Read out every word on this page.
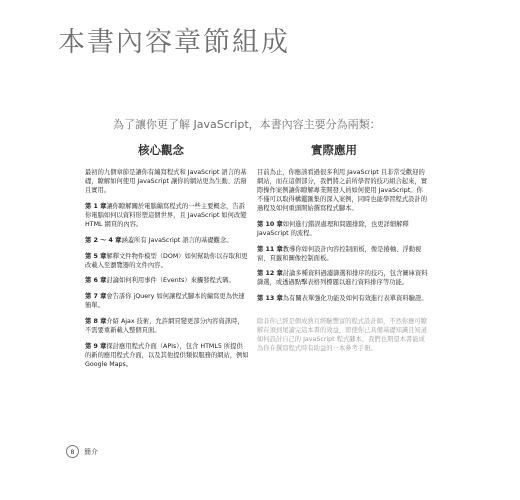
本書內容章節組成

為了讓你更了解 JavaScript，本書內容主要分為兩類：

核心觀念	實際應用

最初的九個章節是讓你有編寫程式和 JavaScript 語言的基礎，瞭解如何使用 JavaScript 讓你的網站更為生動、活潑且實用。

第 1 章讓你瞭解關於電腦編寫程式的一些主要概念，告訴你電腦如何以資料形塑這個世界，且 JavaScript 如何改變 HTML 網頁的內容。

第 2 ～ 4 章涵蓋所有 JavaScript 語言的基礎觀念。

第 5 章解釋文件物件模型（DOM）如何幫助你以存取和更改載入至瀏覽器的文件內容。

第 6 章討論如何利用事件（Events）來觸發程式碼。

第 7 章會告訴你 jQuery 如何讓程式腳本的編寫更為快速簡單。

第 8 章介紹 Ajax 技術，允許網頁變更部分內容資訊時，不需要重新載入整個頁面。

第 9 章探討應用程式介面（APIs），包含 HTML5 所提供的新的應用程式介面，以及其他提供類似服務的網站，例如 Google Maps。

目前為止，你應該看過很多利用 JavaScript 且非常受歡迎的網站，而在這個部分，我們將之前所學習的技巧組合起來，實際操作案例讓你瞭解專業開發人員如何使用 JavaScript。你不僅可以取得構鑑匯集的深入案例，同時也能學習程式設計的過程及如何重頭開始撰寫程式腳本。

第 10 章如何進行錯誤處理和問題排除，也更詳細解釋 JavaScript 的流程。

第 11 章教導你如何設計內容控制面板，像是捲軸、浮動視窗、頁籤和圖像控制面板。

第 12 章討論多種資料過濾篩選和排序的技巧，包含圖庫資料篩選，或透過點擊表格列標題以進行資料排序等功能。

第 13 章為有關表單強化功能及如何有效進行表單資料驗證。

除非你已經是個成熟且經驗豐富的程式設計師，不然你應可瞭解在須到尾讀完這本書的效益，即使你已具備基礎知識且知道如何設計自己的 JavaScript 程式腳本，我們也期望本書能成為你在撰寫程式時有助益的一本參考手冊。

8	簡介
